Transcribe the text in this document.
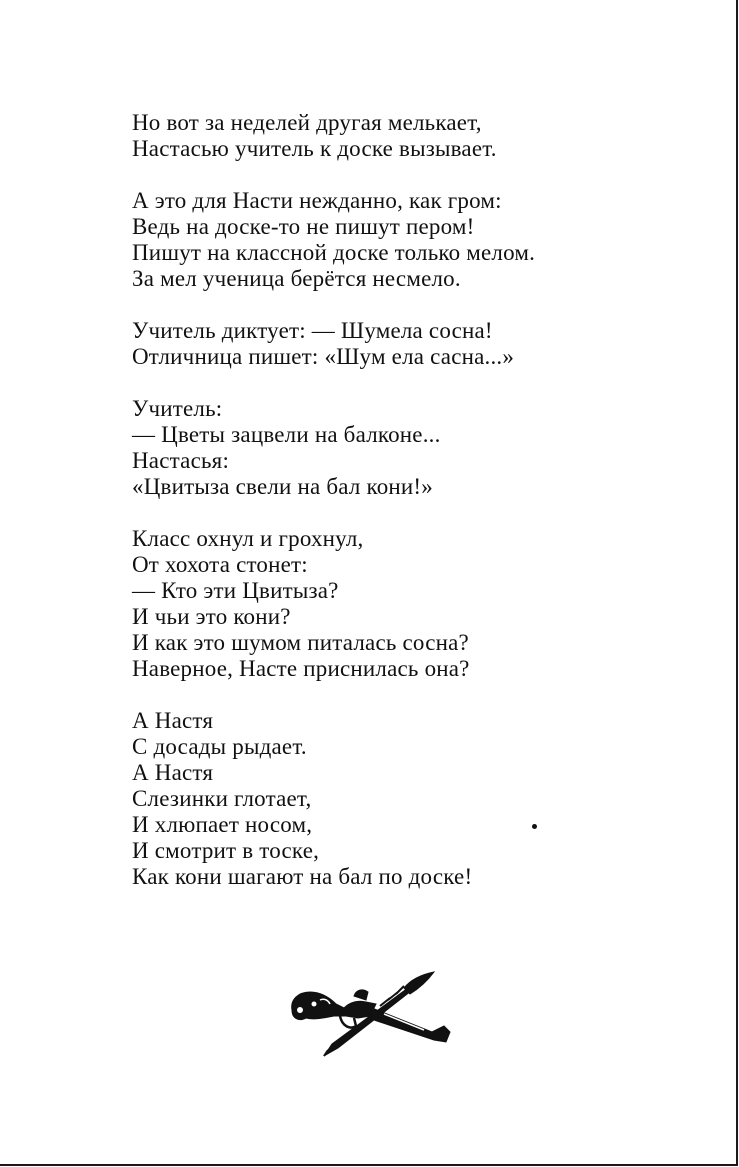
Но вот за неделей другая мелькает,
Настасью учитель к доске вызывает.
А это для Насти нежданно, как гром:
Ведь на доске-то не пишут пером!
Пишут на классной доске только мелом.
За мел ученица берётся несмело.
Учитель диктует: — Шумела сосна!
Отличница пишет: «Шум ела сасна...»
Учитель:
— Цветы зацвели на балконе...
Настасья:
«Цвитыза свели на бал кони!»
Класс охнул и грохнул,
От хохота стонет:
— Кто эти Цвитыза?
И чьи это кони?
И как это шумом питалась сосна?
Наверное, Насте приснилась она?
А Настя
С досады рыдает.
А Настя
Слезинки глотает,
И хлюпает носом,
И смотрит в тоске,
Как кони шагают на бал по доске!
